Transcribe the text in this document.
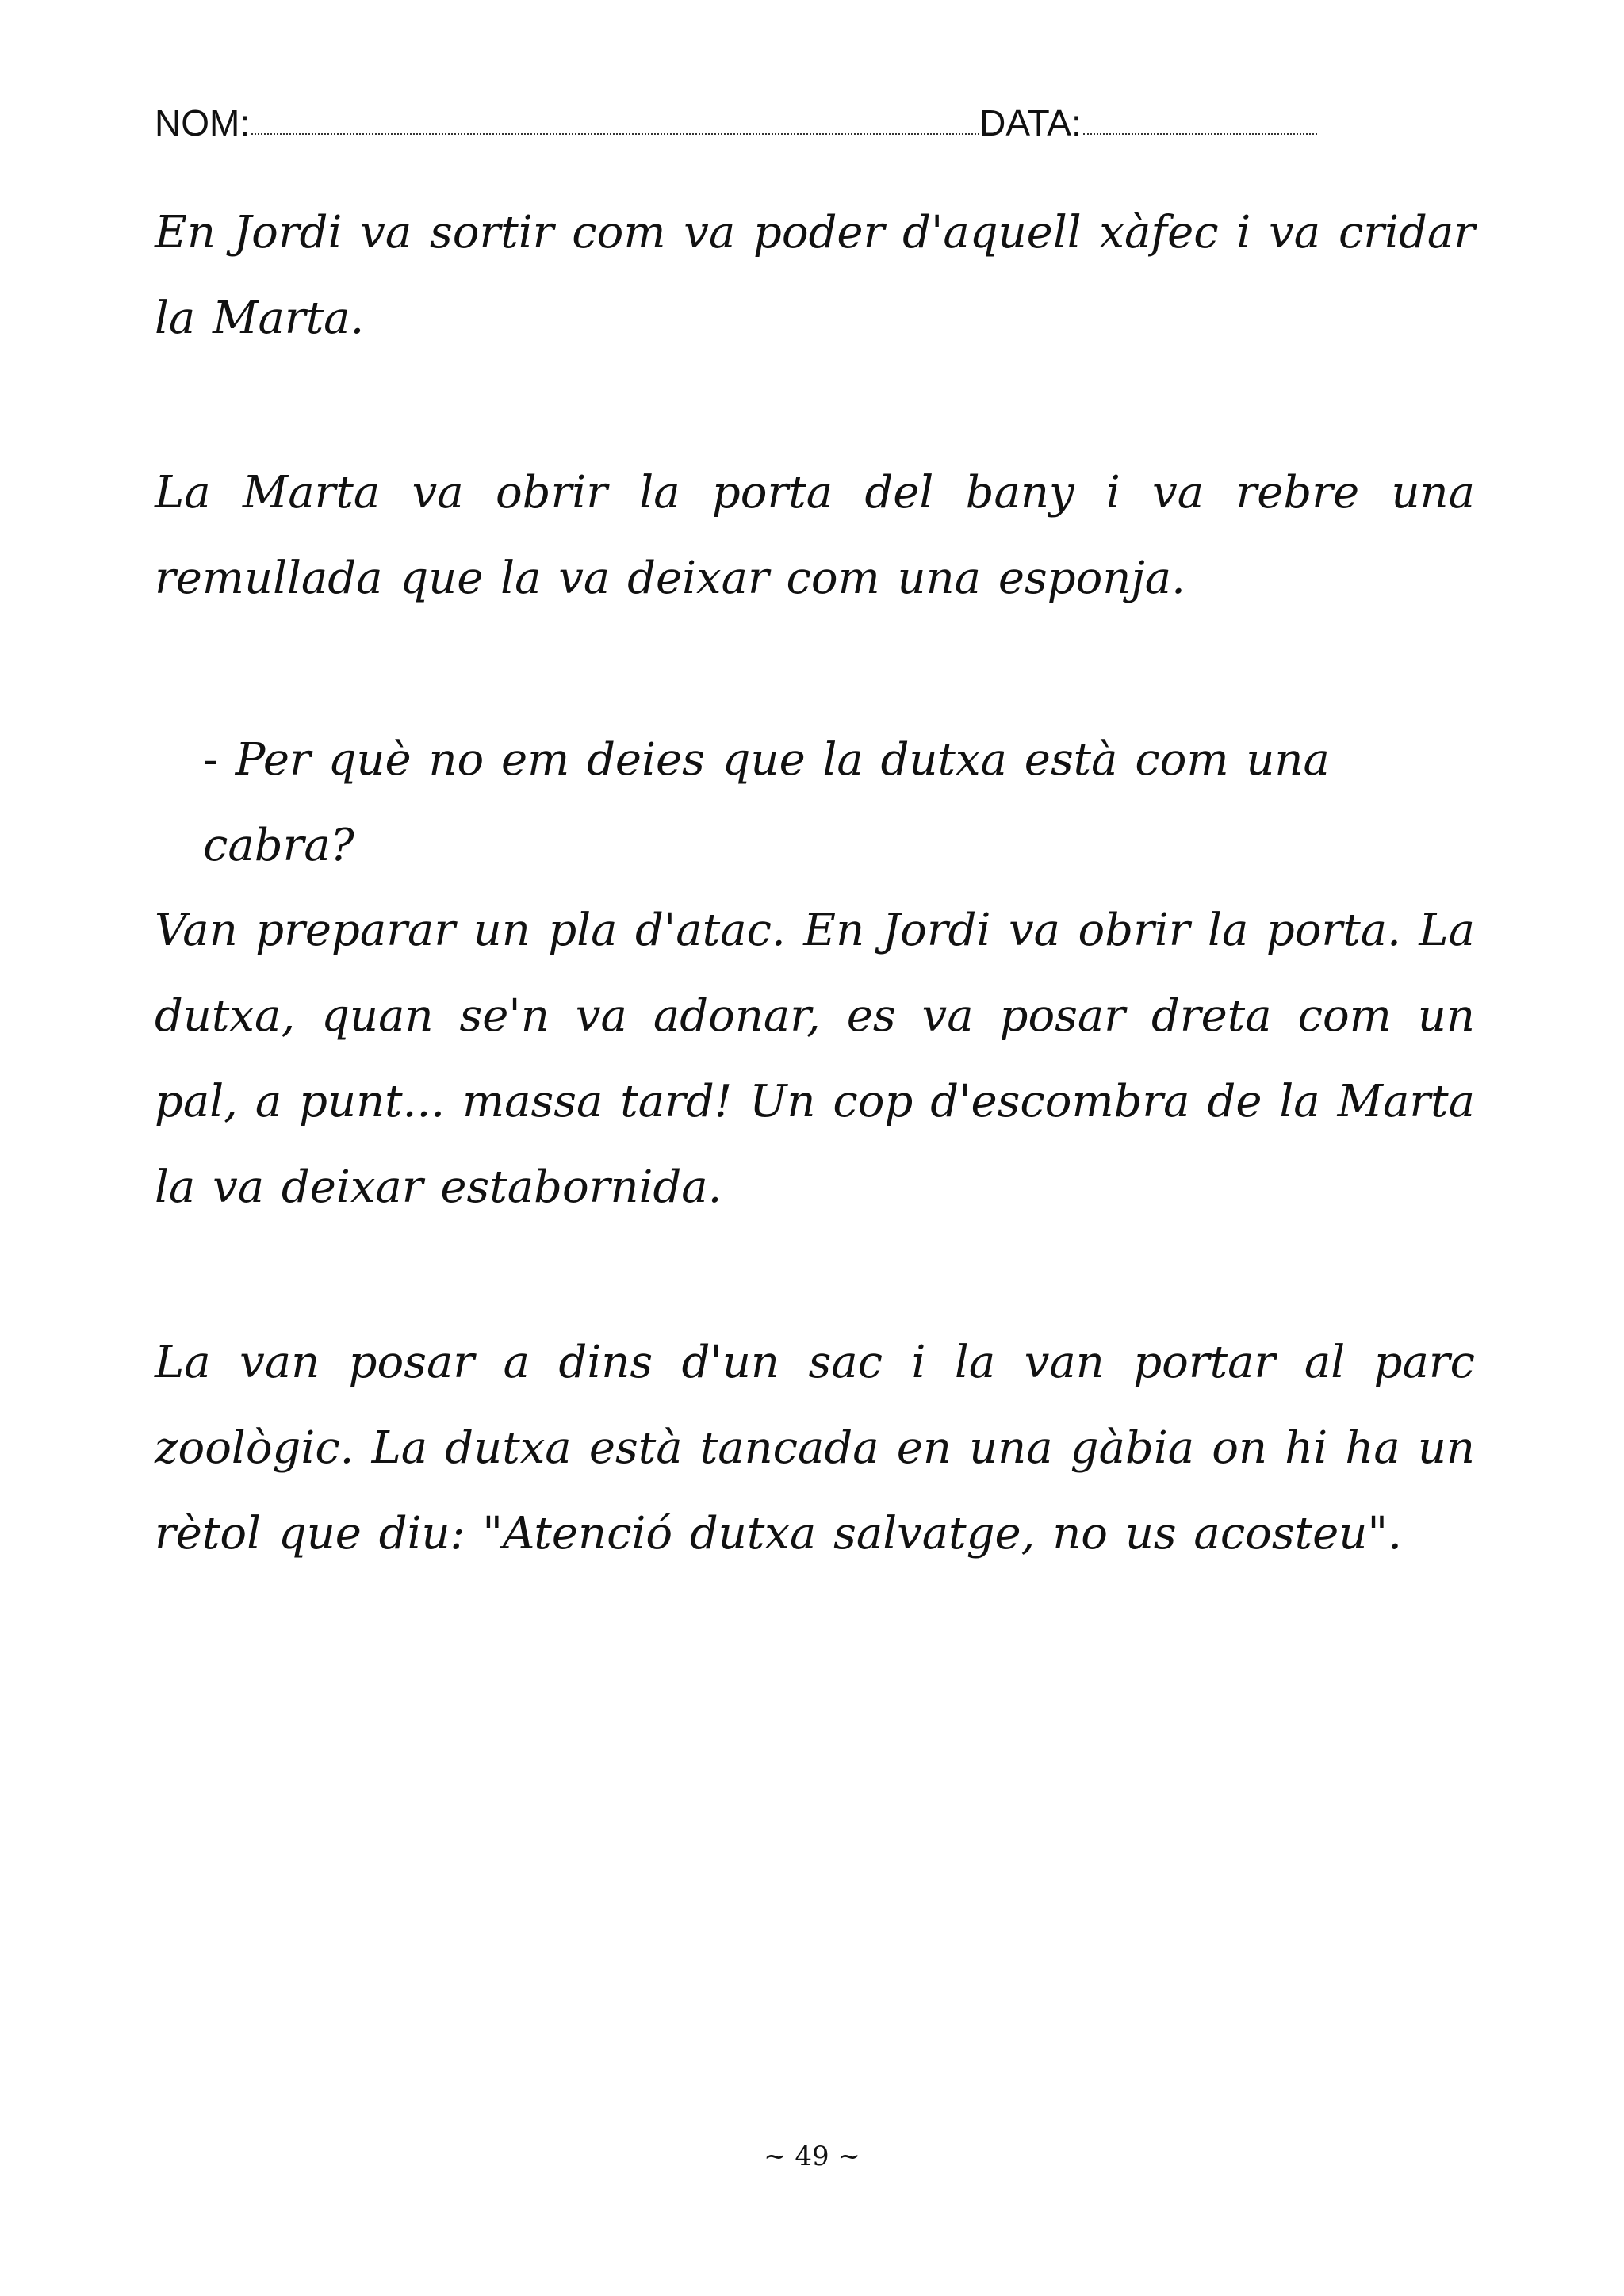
NOM :	DATA :
En Jordi va sortir com va poder d'aquell xàfec i va cridar la Marta.
La Marta va obrir la porta del bany i va rebre una remullada que la va deixar com una esponja.
- Per què no em deies que la dutxa està com una cabra?
Van preparar un pla d'atac. En Jordi va obrir la porta. La dutxa, quan se'n va adonar, es va posar dreta com un pal, a punt... massa tard! Un cop d'escombra de la Marta la va deixar estabornida.
La van posar a dins d'un sac i la van portar al parc zoològic. La dutxa està tancada en una gàbia on hi ha un rètol que diu: "Atenció dutxa salvatge, no us acosteu".
~ 49 ~
